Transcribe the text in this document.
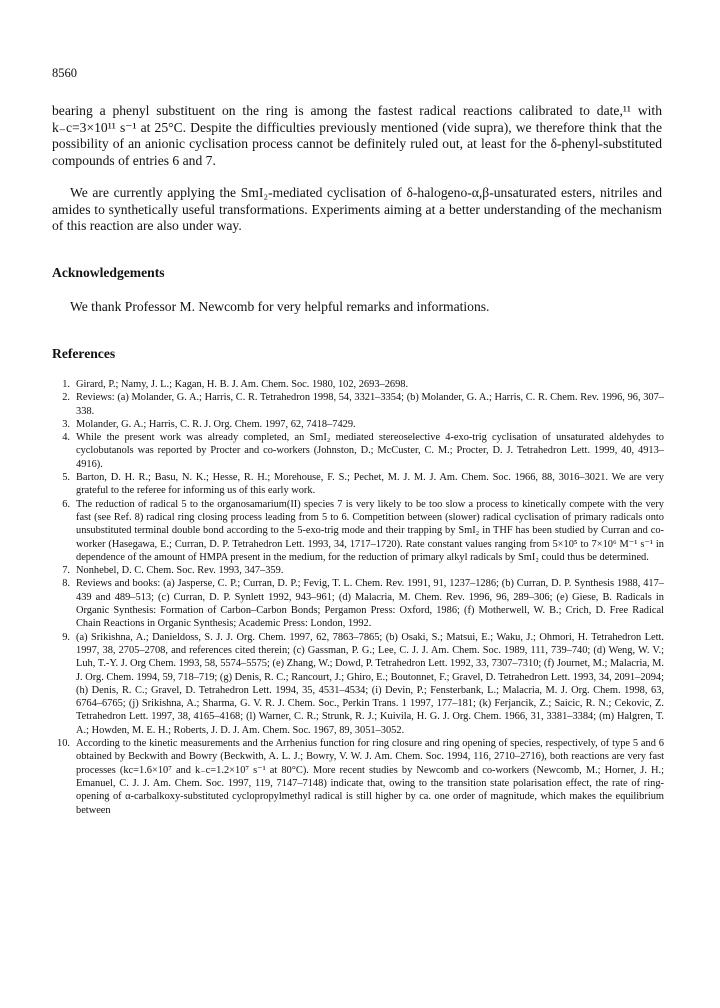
8560

bearing a phenyl substituent on the ring is among the fastest radical reactions calibrated to date,¹¹ with k₋c=3×10¹¹ s⁻¹ at 25°C. Despite the difficulties previously mentioned (vide supra), we therefore think that the possibility of an anionic cyclisation process cannot be definitely ruled out, at least for the δ-phenyl-substituted compounds of entries 6 and 7.

We are currently applying the SmI₂-mediated cyclisation of δ-halogeno-α,β-unsaturated esters, nitriles and amides to synthetically useful transformations. Experiments aiming at a better understanding of the mechanism of this reaction are also under way.

Acknowledgements
We thank Professor M. Newcomb for very helpful remarks and informations.
References
1. Girard, P.; Namy, J. L.; Kagan, H. B. J. Am. Chem. Soc. 1980, 102, 2693–2698.
2. Reviews: (a) Molander, G. A.; Harris, C. R. Tetrahedron 1998, 54, 3321–3354; (b) Molander, G. A.; Harris, C. R. Chem. Rev. 1996, 96, 307–338.
3. Molander, G. A.; Harris, C. R. J. Org. Chem. 1997, 62, 7418–7429.
4. While the present work was already completed, an SmI₂ mediated stereoselective 4-exo-trig cyclisation of unsaturated aldehydes to cyclobutanols was reported by Procter and co-workers (Johnston, D.; McCuster, C. M.; Procter, D. J. Tetrahedron Lett. 1999, 40, 4913–4916).
5. Barton, D. H. R.; Basu, N. K.; Hesse, R. H.; Morehouse, F. S.; Pechet, M. J. M. J. Am. Chem. Soc. 1966, 88, 3016–3021. We are very grateful to the referee for informing us of this early work.
6. The reduction of radical 5 to the organosamarium(II) species 7 is very likely to be too slow a process to kinetically compete with the very fast (see Ref. 8) radical ring closing process leading from 5 to 6. Competition between (slower) radical cyclisation of primary radicals onto unsubstituted terminal double bond according to the 5-exo-trig mode and their trapping by SmI₂ in THF has been studied by Curran and co-worker (Hasegawa, E.; Curran, D. P. Tetrahedron Lett. 1993, 34, 1717–1720). Rate constant values ranging from 5×10⁵ to 7×10⁶ M⁻¹ s⁻¹ in dependence of the amount of HMPA present in the medium, for the reduction of primary alkyl radicals by SmI₂ could thus be determined.
7. Nonhebel, D. C. Chem. Soc. Rev. 1993, 347–359.
8. Reviews and books: (a) Jasperse, C. P.; Curran, D. P.; Fevig, T. L. Chem. Rev. 1991, 91, 1237–1286; (b) Curran, D. P. Synthesis 1988, 417–439 and 489–513; (c) Curran, D. P. Synlett 1992, 943–961; (d) Malacria, M. Chem. Rev. 1996, 96, 289–306; (e) Giese, B. Radicals in Organic Synthesis: Formation of Carbon–Carbon Bonds; Pergamon Press: Oxford, 1986; (f) Motherwell, W. B.; Crich, D. Free Radical Chain Reactions in Organic Synthesis; Academic Press: London, 1992.
9. (a) Srikishna, A.; Danieldoss, S. J. J. Org. Chem. 1997, 62, 7863–7865; (b) Osaki, S.; Matsui, E.; Waku, J.; Ohmori, H. Tetrahedron Lett. 1997, 38, 2705–2708, and references cited therein; (c) Gassman, P. G.; Lee, C. J. J. Am. Chem. Soc. 1989, 111, 739–740; (d) Weng, W. V.; Luh, T.-Y. J. Org Chem. 1993, 58, 5574–5575; (e) Zhang, W.; Dowd, P. Tetrahedron Lett. 1992, 33, 7307–7310; (f) Journet, M.; Malacria, M. J. Org. Chem. 1994, 59, 718–719; (g) Denis, R. C.; Rancourt, J.; Ghiro, E.; Boutonnet, F.; Gravel, D. Tetrahedron Lett. 1993, 34, 2091–2094; (h) Denis, R. C.; Gravel, D. Tetrahedron Lett. 1994, 35, 4531–4534; (i) Devin, P.; Fensterbank, L.; Malacria, M. J. Org. Chem. 1998, 63, 6764–6765; (j) Srikishna, A.; Sharma, G. V. R. J. Chem. Soc., Perkin Trans. 1 1997, 177–181; (k) Ferjancik, Z.; Saicic, R. N.; Cekovic, Z. Tetrahedron Lett. 1997, 38, 4165–4168; (l) Warner, C. R.; Strunk, R. J.; Kuivila, H. G. J. Org. Chem. 1966, 31, 3381–3384; (m) Halgren, T. A.; Howden, M. E. H.; Roberts, J. D. J. Am. Chem. Soc. 1967, 89, 3051–3052.
10. According to the kinetic measurements and the Arrhenius function for ring closure and ring opening of species, respectively, of type 5 and 6 obtained by Beckwith and Bowry (Beckwith, A. L. J.; Bowry, V. W. J. Am. Chem. Soc. 1994, 116, 2710–2716), both reactions are very fast processes (kc=1.6×10⁷ and k₋c=1.2×10⁷ s⁻¹ at 80°C). More recent studies by Newcomb and co-workers (Newcomb, M.; Horner, J. H.; Emanuel, C. J. J. Am. Chem. Soc. 1997, 119, 7147–7148) indicate that, owing to the transition state polarisation effect, the rate of ring-opening of α-carbalkoxy-substituted cyclopropylmethyl radical is still higher by ca. one order of magnitude, which makes the equilibrium between
